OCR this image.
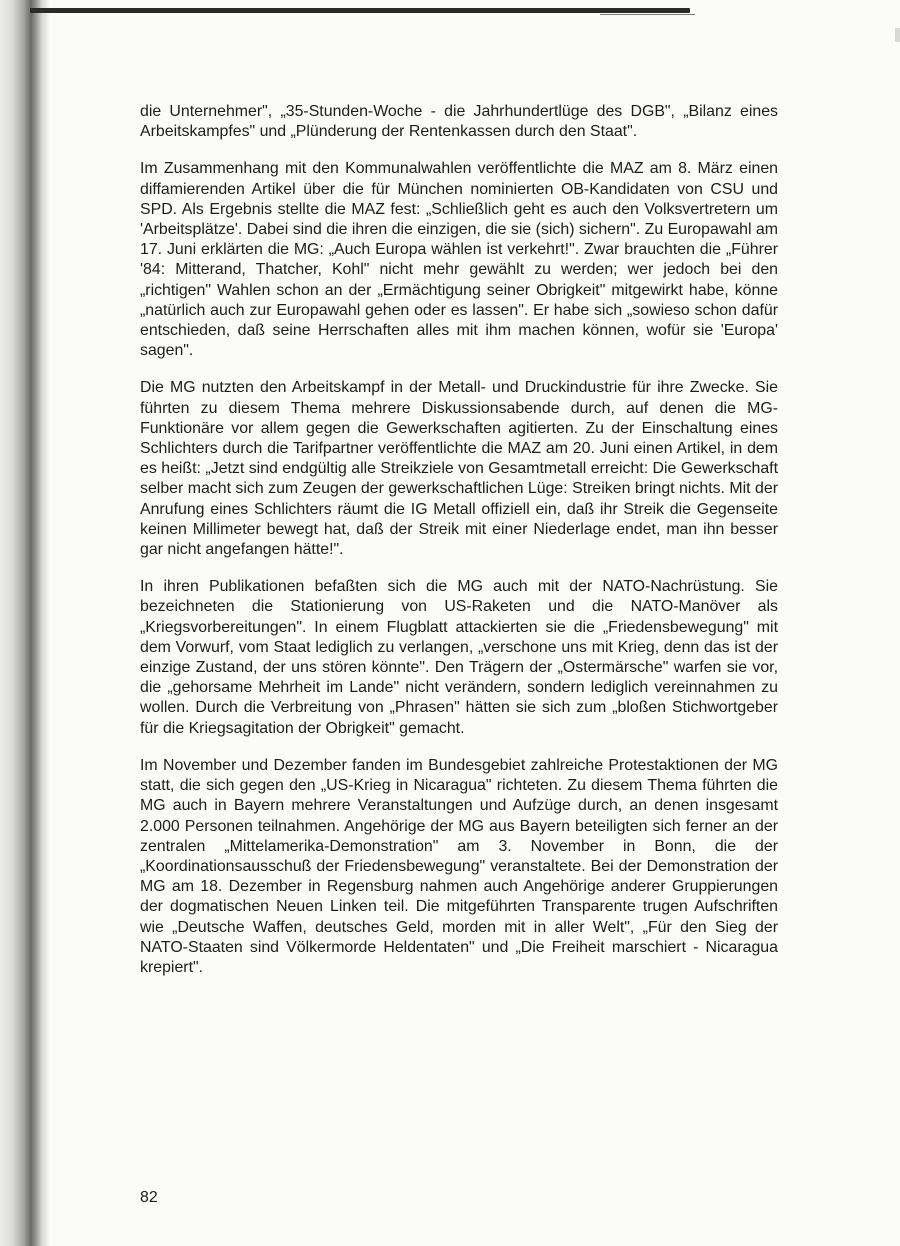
die Unternehmer", „35-Stunden-Woche - die Jahrhundertlüge des DGB", „Bilanz eines Arbeitskampfes" und „Plünderung der Rentenkassen durch den Staat".

Im Zusammenhang mit den Kommunalwahlen veröffentlichte die MAZ am 8. März einen diffamierenden Artikel über die für München nominierten OB-Kandidaten von CSU und SPD. Als Ergebnis stellte die MAZ fest: „Schließlich geht es auch den Volksvertretern um 'Arbeitsplätze'. Dabei sind die ihren die einzigen, die sie (sich) sichern". Zu Europawahl am 17. Juni erklärten die MG: „Auch Europa wählen ist verkehrt!". Zwar brauchten die „Führer '84: Mitterand, Thatcher, Kohl" nicht mehr gewählt zu werden; wer jedoch bei den „richtigen" Wahlen schon an der „Ermächtigung seiner Obrigkeit" mitgewirkt habe, könne „natürlich auch zur Europawahl gehen oder es lassen". Er habe sich „sowieso schon dafür entschieden, daß seine Herrschaften alles mit ihm machen können, wofür sie 'Europa' sagen".

Die MG nutzten den Arbeitskampf in der Metall- und Druckindustrie für ihre Zwecke. Sie führten zu diesem Thema mehrere Diskussionsabende durch, auf denen die MG-Funktionäre vor allem gegen die Gewerkschaften agitierten. Zu der Einschaltung eines Schlichters durch die Tarifpartner veröffentlichte die MAZ am 20. Juni einen Artikel, in dem es heißt: „Jetzt sind endgültig alle Streikziele von Gesamtmetall erreicht: Die Gewerkschaft selber macht sich zum Zeugen der gewerkschaftlichen Lüge: Streiken bringt nichts. Mit der Anrufung eines Schlichters räumt die IG Metall offiziell ein, daß ihr Streik die Gegenseite keinen Millimeter bewegt hat, daß der Streik mit einer Niederlage endet, man ihn besser gar nicht angefangen hätte!".

In ihren Publikationen befaßten sich die MG auch mit der NATO-Nachrüstung. Sie bezeichneten die Stationierung von US-Raketen und die NATO-Manöver als „Kriegsvorbereitungen". In einem Flugblatt attackierten sie die „Friedensbewegung" mit dem Vorwurf, vom Staat lediglich zu verlangen, „verschone uns mit Krieg, denn das ist der einzige Zustand, der uns stören könnte". Den Trägern der „Ostermärsche" warfen sie vor, die „gehorsame Mehrheit im Lande" nicht verändern, sondern lediglich vereinnahmen zu wollen. Durch die Verbreitung von „Phrasen" hätten sie sich zum „bloßen Stichwortgeber für die Kriegsagitation der Obrigkeit" gemacht.

Im November und Dezember fanden im Bundesgebiet zahlreiche Protestaktionen der MG statt, die sich gegen den „US-Krieg in Nicaragua" richteten. Zu diesem Thema führten die MG auch in Bayern mehrere Veranstaltungen und Aufzüge durch, an denen insgesamt 2.000 Personen teilnahmen. Angehörige der MG aus Bayern beteiligten sich ferner an der zentralen „Mittelamerika-Demonstration" am 3. November in Bonn, die der „Koordinationsausschuß der Friedensbewegung" veranstaltete. Bei der Demonstration der MG am 18. Dezember in Regensburg nahmen auch Angehörige anderer Gruppierungen der dogmatischen Neuen Linken teil. Die mitgeführten Transparente trugen Aufschriften wie „Deutsche Waffen, deutsches Geld, morden mit in aller Welt", „Für den Sieg der NATO-Staaten sind Völkermorde Heldentaten" und „Die Freiheit marschiert - Nicaragua krepiert".

82
